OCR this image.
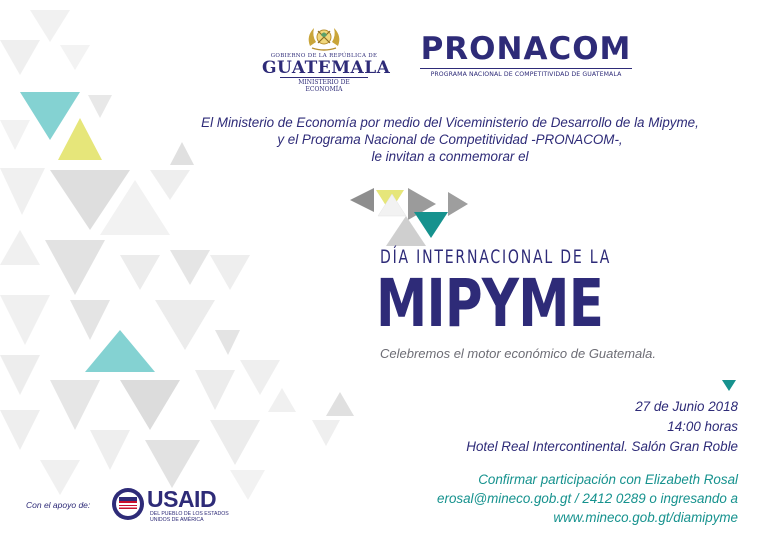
GOBIERNO DE LA REPÚBLICA DE
GUATEMALA
MINISTERIO DE ECONOMÍA
PRONACOM
PROGRAMA NACIONAL DE COMPETITIVIDAD DE GUATEMALA
El Ministerio de Economía por medio del Viceministerio de Desarrollo de la Mipyme,
y el Programa Nacional de Competitividad -PRONACOM-,
le invitan a conmemorar el
DÍA INTERNACIONAL DE LA
MIPYME
Celebremos el motor económico de Guatemala.
27 de Junio 2018
14:00 horas
Hotel Real Intercontinental. Salón Gran Roble
Confirmar participación con Elizabeth Rosal
erosal@mineco.gob.gt / 2412 0289 o ingresando a
www.mineco.gob.gt/diamipyme
Con el apoyo de: USAID
DEL PUEBLO DE LOS ESTADOS UNIDOS DE AMÉRICA
